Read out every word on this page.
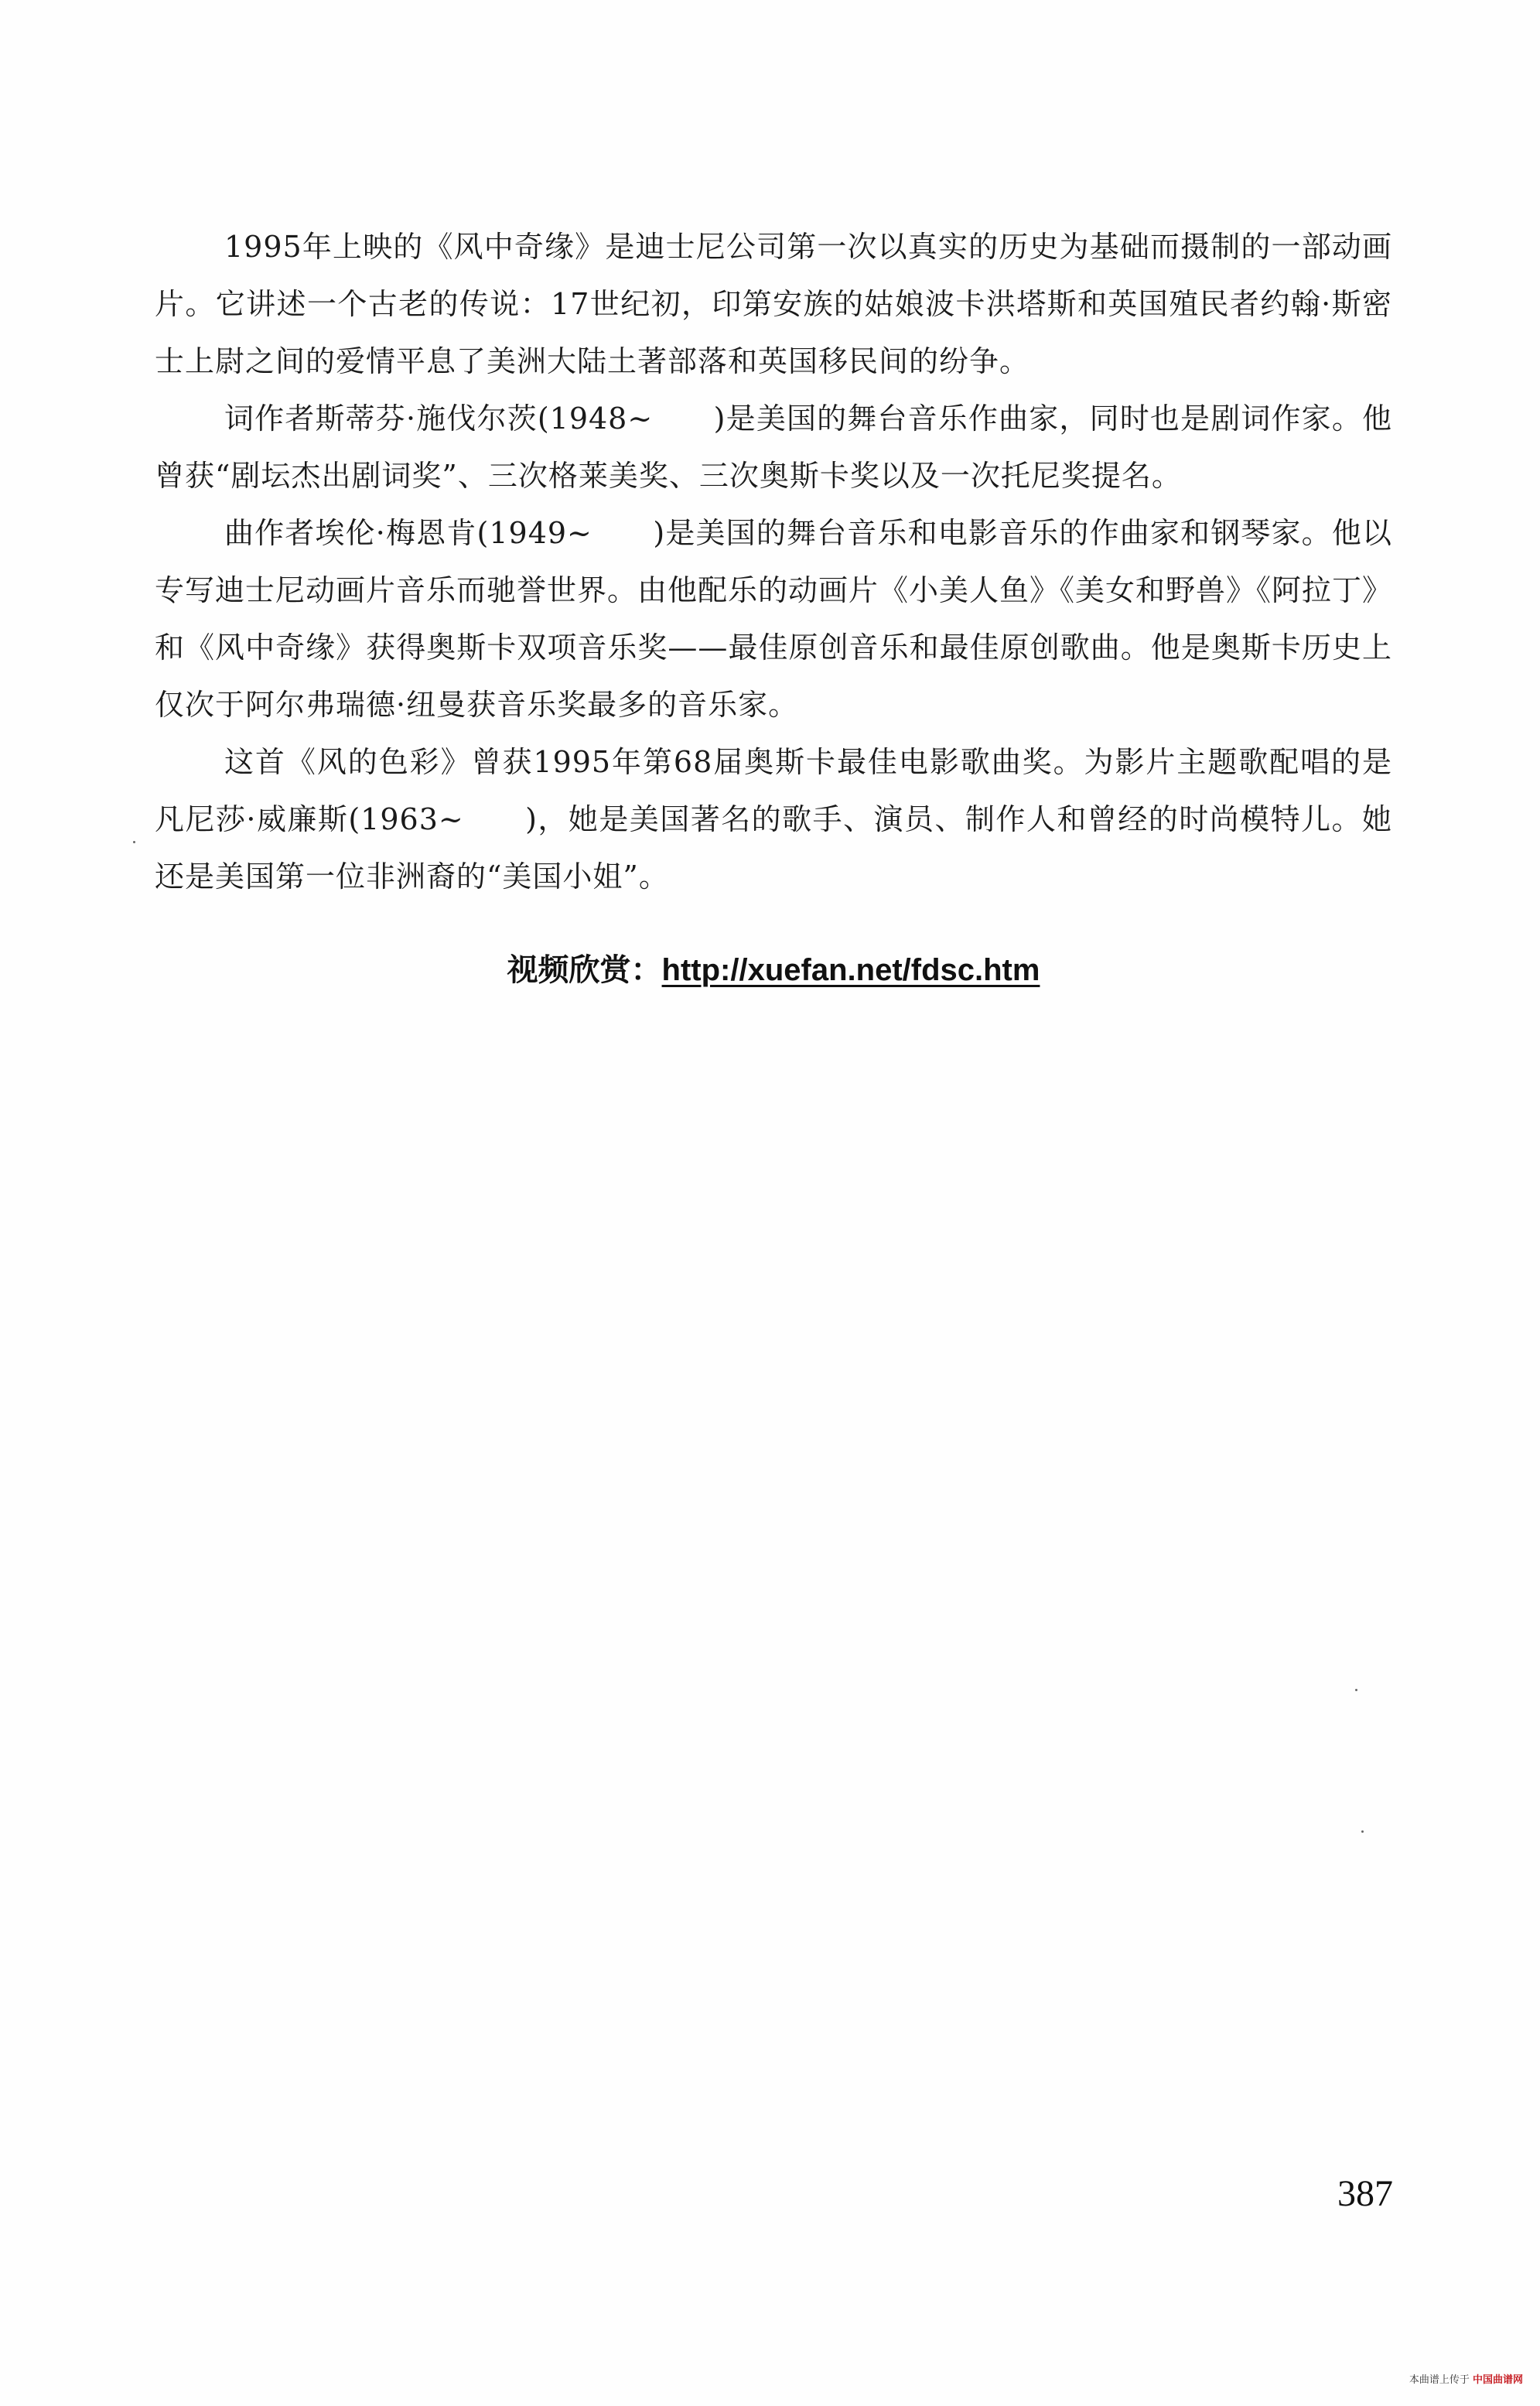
1995年上映的《风中奇缘》是迪士尼公司第一次以真实的历史为基础而摄制的一部动画片。它讲述一个古老的传说：17世纪初，印第安族的姑娘波卡洪塔斯和英国殖民者约翰·斯密士上尉之间的爱情平息了美洲大陆土著部落和英国移民间的纷争。

词作者斯蒂芬·施伐尔茨(1948~　　)是美国的舞台音乐作曲家，同时也是剧词作家。他曾获“剧坛杰出剧词奖”、三次格莱美奖、三次奥斯卡奖以及一次托尼奖提名。

曲作者埃伦·梅恩肯(1949~　　)是美国的舞台音乐和电影音乐的作曲家和钢琴家。他以专写迪士尼动画片音乐而驰誉世界。由他配乐的动画片《小美人鱼》《美女和野兽》《阿拉丁》和《风中奇缘》获得奥斯卡双项音乐奖——最佳原创音乐和最佳原创歌曲。他是奥斯卡历史上仅次于阿尔弗瑞德·纽曼获音乐奖最多的音乐家。

这首《风的色彩》曾获1995年第68届奥斯卡最佳电影歌曲奖。为影片主题歌配唱的是凡尼莎·威廉斯(1963~　　)，她是美国著名的歌手、演员、制作人和曾经的时尚模特儿。她还是美国第一位非洲裔的“美国小姐”。

视频欣赏：http://xuefan.net/fdsc.htm
387
本曲谱上传于 中国曲谱网
